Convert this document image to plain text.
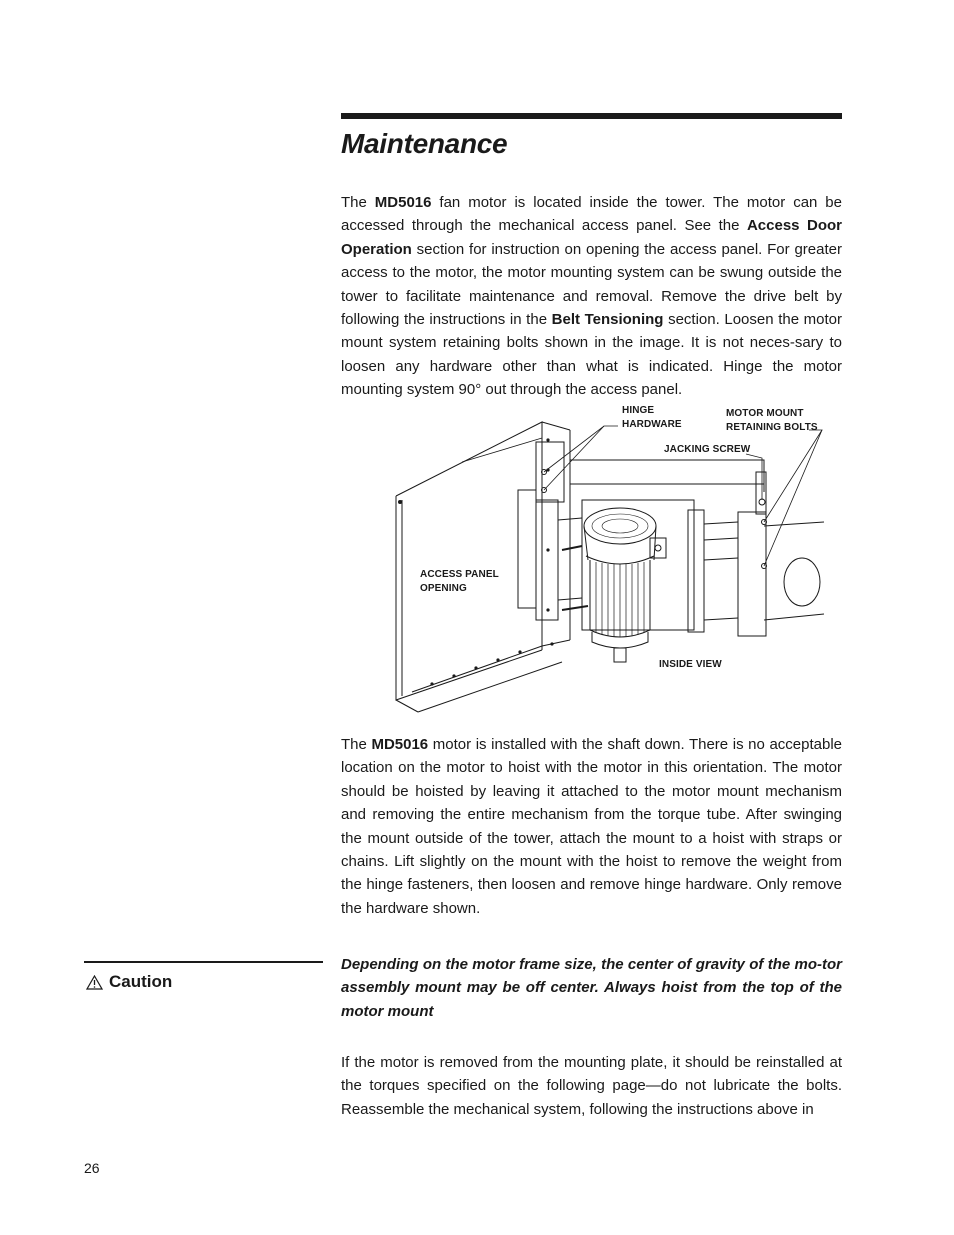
Maintenance

The MD5016 fan motor is located inside the tower. The motor can be accessed through the mechanical access panel. See the Access Door Operation section for instruction on opening the access panel. For greater access to the motor, the motor mounting system can be swung outside the tower to facilitate maintenance and removal. Remove the drive belt by following the instructions in the Belt Tensioning section. Loosen the motor mount system retaining bolts shown in the image. It is not neces-sary to loosen any hardware other than what is indicated. Hinge the motor mounting system 90° out through the access panel.

HINGE
HARDWARE
MOTOR MOUNT
RETAINING BOLTS
JACKING SCREW
ACCESS PANEL
OPENING
INSIDE VIEW

The MD5016 motor is installed with the shaft down. There is no acceptable location on the motor to hoist with the motor in this orientation. The motor should be hoisted by leaving it attached to the motor mount mechanism and removing the entire mechanism from the torque tube. After swinging the mount outside of the tower, attach the mount to a hoist with straps or chains. Lift slightly on the mount with the hoist to remove the weight from the hinge fasteners, then loosen and remove hinge hardware. Only remove the hardware shown.

Caution

Depending on the motor frame size, the center of gravity of the mo-tor assembly mount may be off center. Always hoist from the top of the motor mount

If the motor is removed from the mounting plate, it should be reinstalled at the torques specified on the following page—do not lubricate the bolts. Reassemble the mechanical system, following the instructions above in

26
